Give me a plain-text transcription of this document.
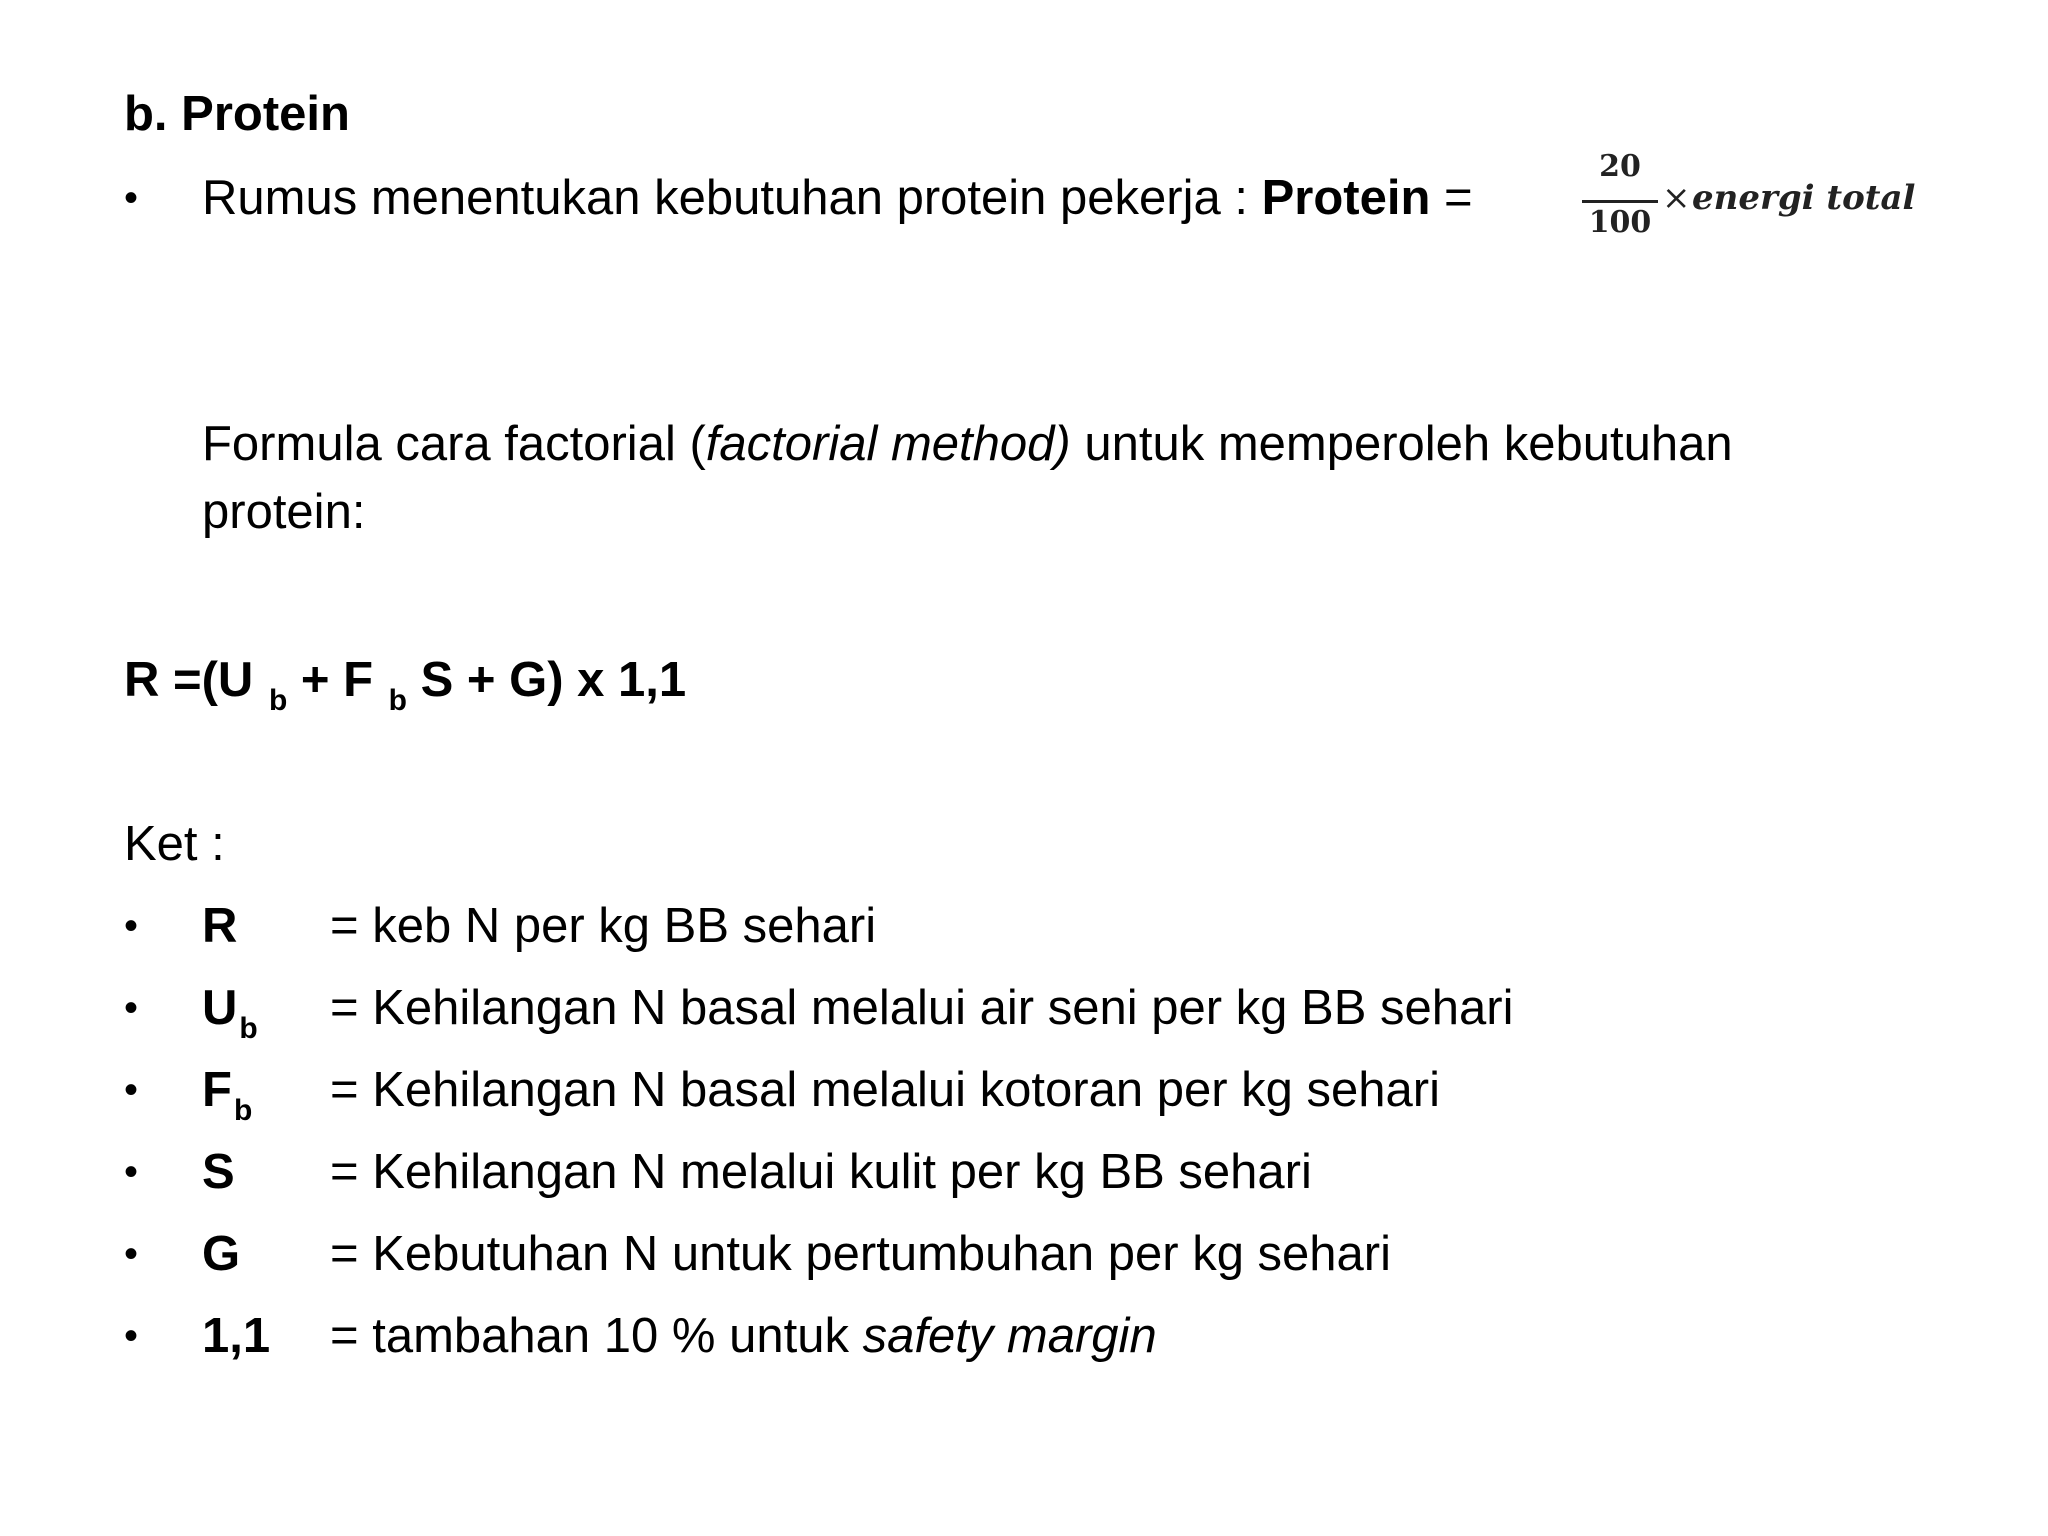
b. Protein
• Rumus menentukan kebutuhan protein pekerja : Protein =
20
100
× energi total
Formula cara factorial (factorial method) untuk memperoleh kebutuhan
protein:
R =(U $_b$ + F $_b$ S + G) x 1,1
Ket :
• R = keb N per kg BB sehari
• $U_b$ = Kehilangan N basal melalui air seni per kg BB sehari
• $F_b$ = Kehilangan N basal melalui kotoran per kg sehari
• S = Kehilangan N melalui kulit per kg BB sehari
• G = Kebutuhan N untuk pertumbuhan per kg sehari
• 1,1 = tambahan 10 % untuk safety margin
